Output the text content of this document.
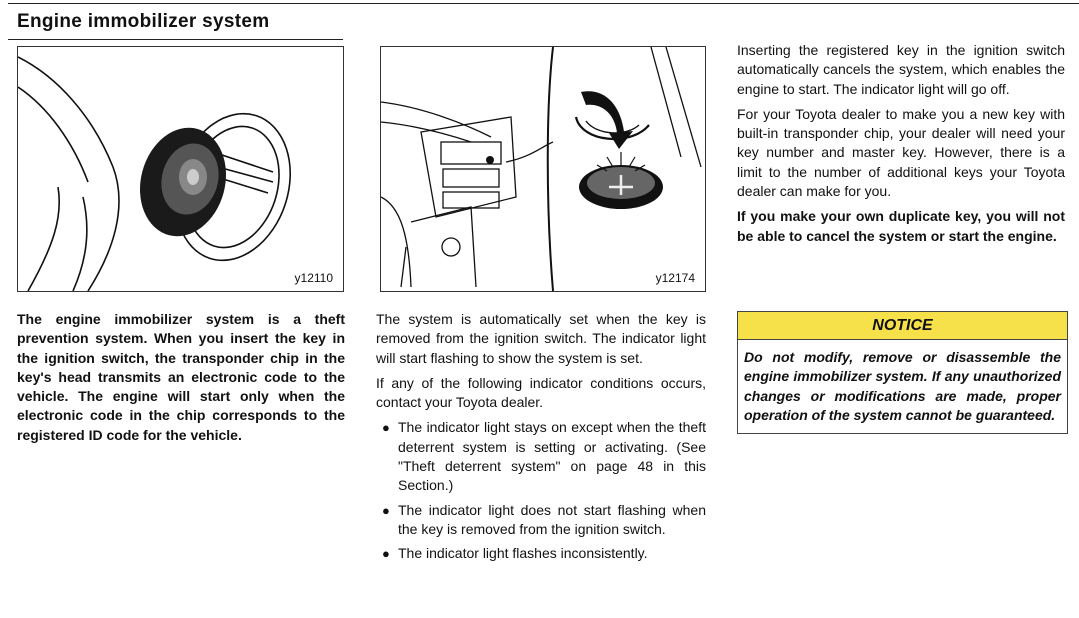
Engine immobilizer system
y12110	y12174

The engine immobilizer system is a theft prevention system. When you insert the key in the ignition switch, the transponder chip in the key's head transmits an electronic code to the vehicle. The engine will start only when the electronic code in the chip corresponds to the registered ID code for the vehicle.

The system is automatically set when the key is removed from the ignition switch. The indicator light will start flashing to show the system is set.

If any of the following indicator conditions occurs, contact your Toyota dealer.

● The indicator light stays on except when the theft deterrent system is setting or activating. (See "Theft deterrent system" on page 48 in this Section.)
● The indicator light does not start flashing when the key is removed from the ignition switch.
● The indicator light flashes inconsistently.

Inserting the registered key in the ignition switch automatically cancels the system, which enables the engine to start. The indicator light will go off.

For your Toyota dealer to make you a new key with built-in transponder chip, your dealer will need your key number and master key. However, there is a limit to the number of additional keys your Toyota dealer can make for you.

If you make your own duplicate key, you will not be able to cancel the system or start the engine.

NOTICE
Do not modify, remove or disassemble the engine immobilizer system. If any unauthorized changes or modifications are made, proper operation of the system cannot be guaranteed.
